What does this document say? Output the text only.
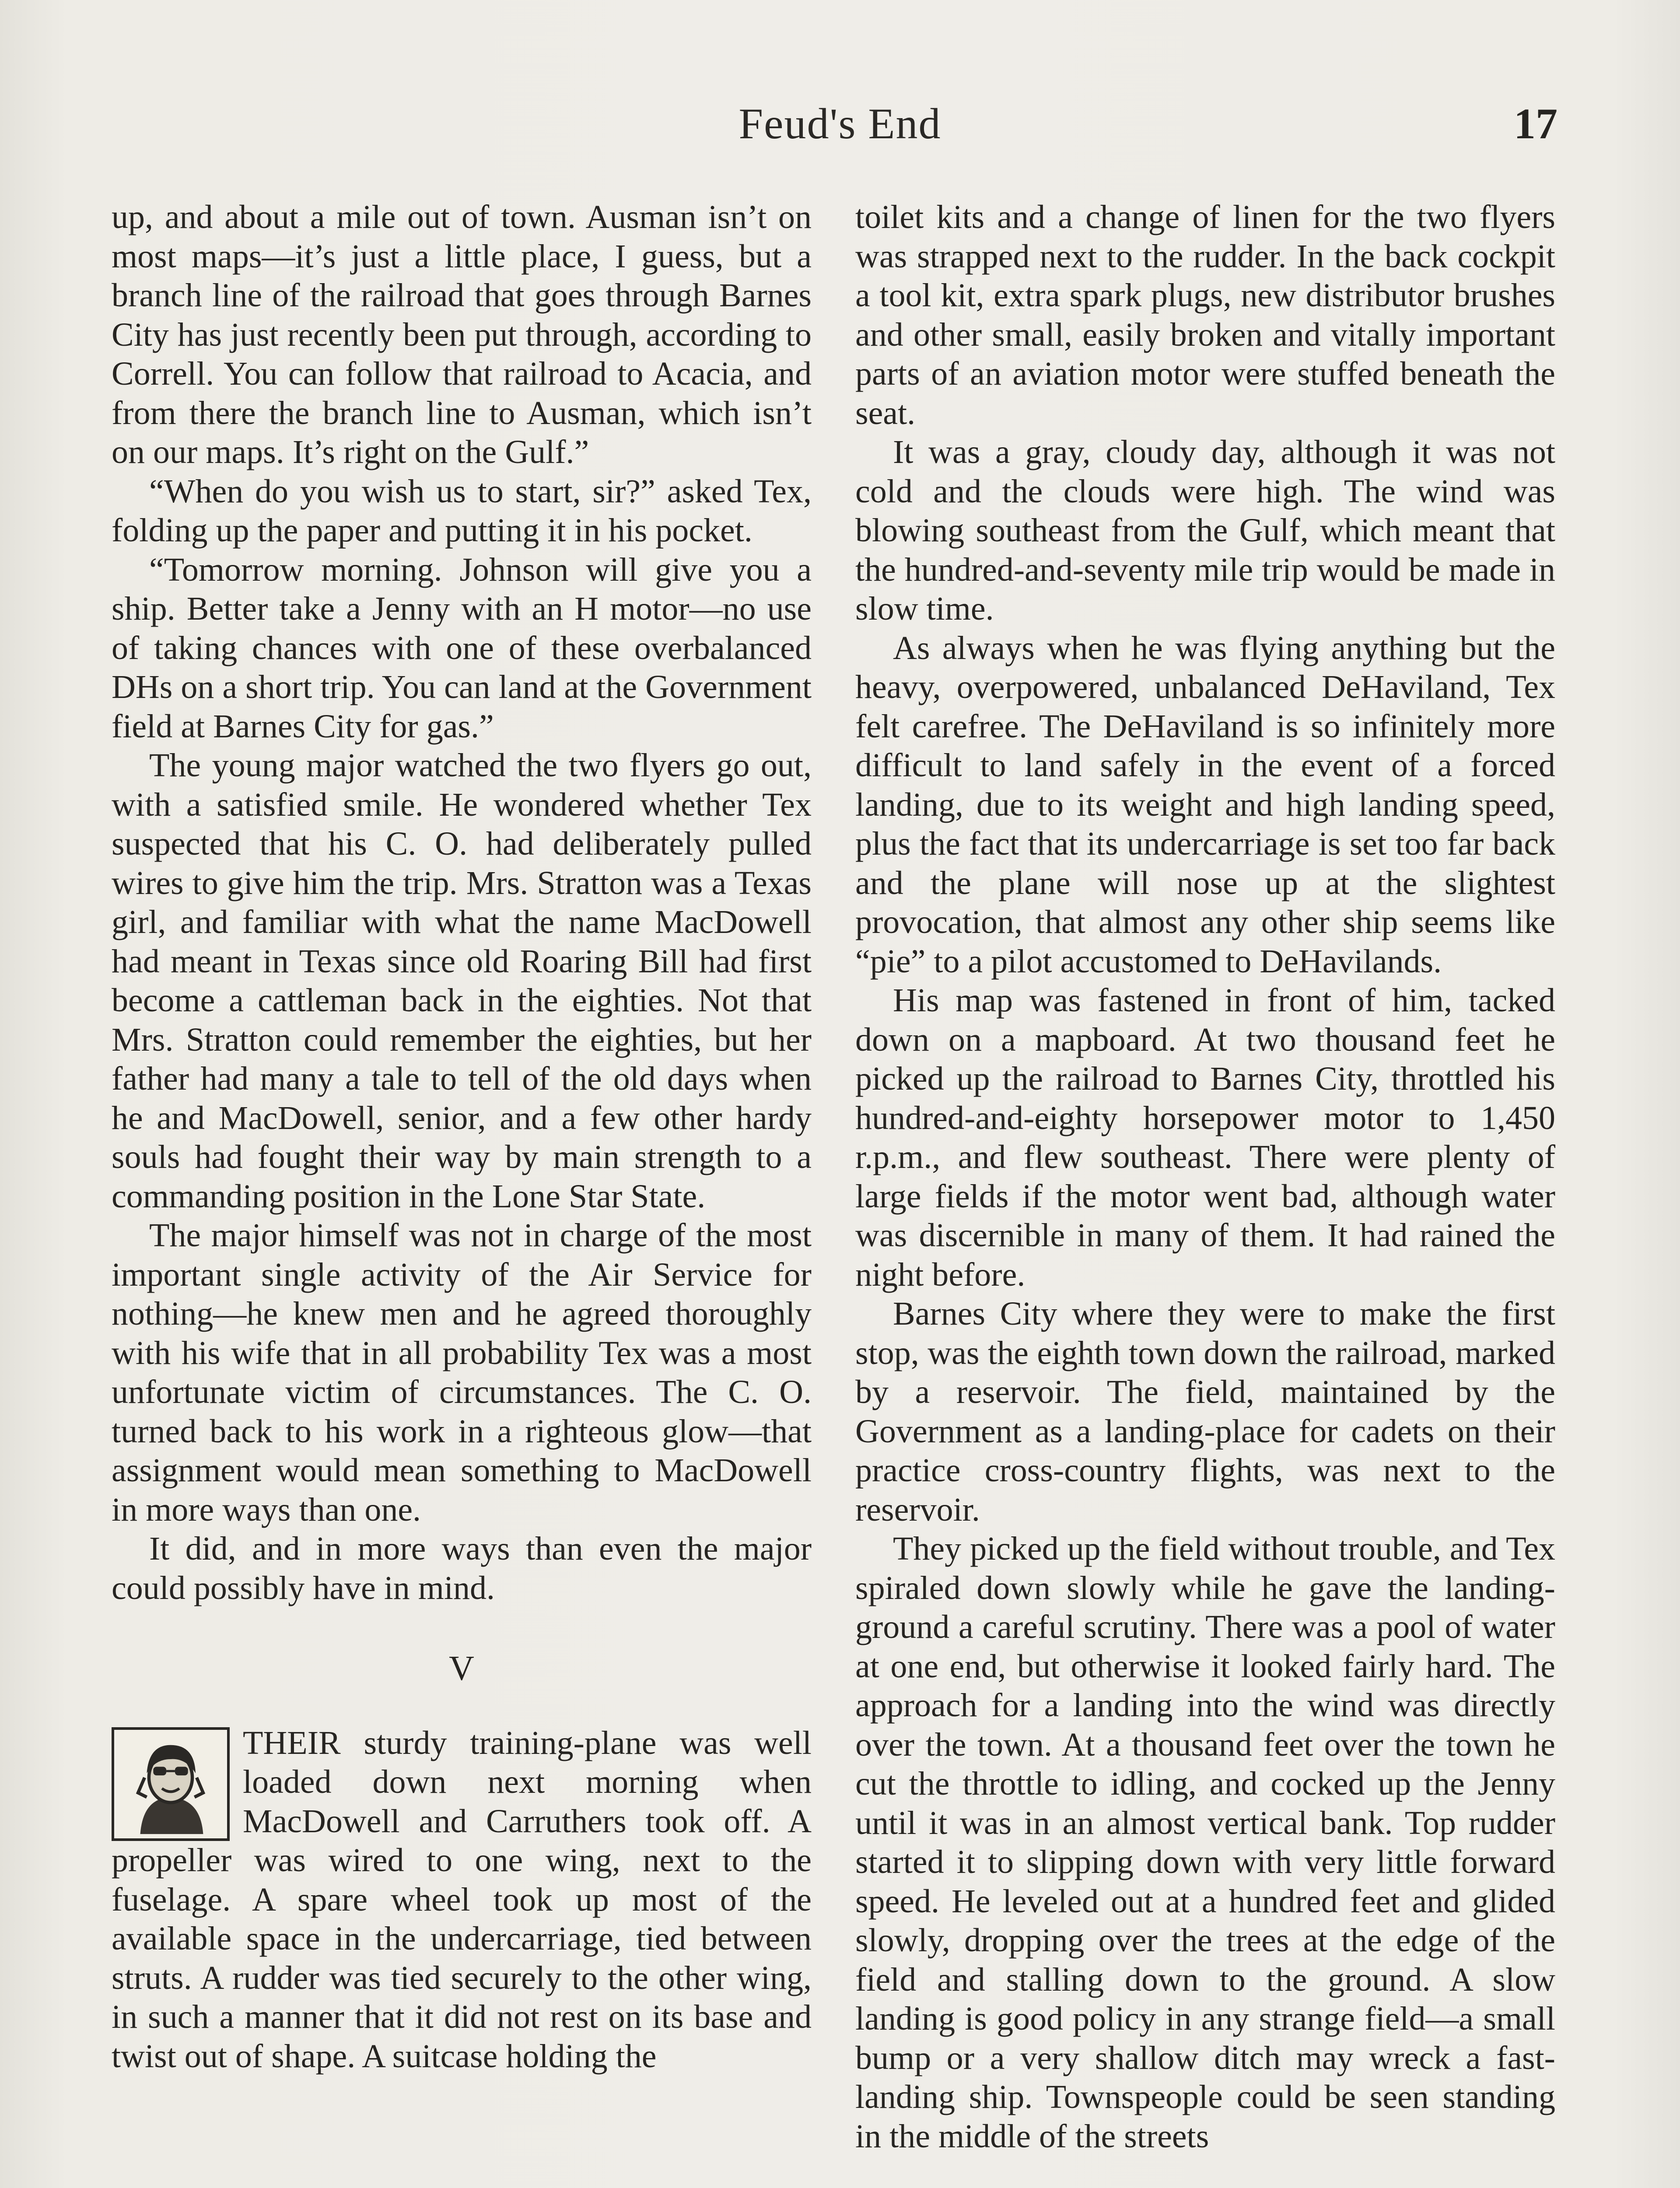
Feud's End	17

up, and about a mile out of town. Ausman isn’t on most maps—it’s just a little place, I guess, but a branch line of the railroad that goes through Barnes City has just recently been put through, according to Correll. You can follow that railroad to Acacia, and from there the branch line to Ausman, which isn’t on our maps. It’s right on the Gulf.”

“When do you wish us to start, sir?” asked Tex, folding up the paper and putting it in his pocket.

“Tomorrow morning. Johnson will give you a ship. Better take a Jenny with an H motor—no use of taking chances with one of these overbalanced DHs on a short trip. You can land at the Government field at Barnes City for gas.”

The young major watched the two flyers go out, with a satisfied smile. He wondered whether Tex suspected that his C. O. had deliberately pulled wires to give him the trip. Mrs. Stratton was a Texas girl, and familiar with what the name MacDowell had meant in Texas since old Roaring Bill had first become a cattleman back in the eighties. Not that Mrs. Stratton could remember the eighties, but her father had many a tale to tell of the old days when he and MacDowell, senior, and a few other hardy souls had fought their way by main strength to a commanding position in the Lone Star State.

The major himself was not in charge of the most important single activity of the Air Service for nothing—he knew men and he agreed thoroughly with his wife that in all probability Tex was a most unfortunate victim of circumstances. The C. O. turned back to his work in a righteous glow—that assignment would mean something to MacDowell in more ways than one.

It did, and in more ways than even the major could possibly have in mind.

V

THEIR sturdy training-plane was well loaded down next morning when MacDowell and Carruthers took off. A propeller was wired to one wing, next to the fuselage. A spare wheel took up most of the available space in the undercarriage, tied between struts. A rudder was tied securely to the other wing, in such a manner that it did not rest on its base and twist out of shape. A suitcase holding the

toilet kits and a change of linen for the two flyers was strapped next to the rudder. In the back cockpit a tool kit, extra spark plugs, new distributor brushes and other small, easily broken and vitally important parts of an aviation motor were stuffed beneath the seat.

It was a gray, cloudy day, although it was not cold and the clouds were high. The wind was blowing southeast from the Gulf, which meant that the hundred-and-seventy mile trip would be made in slow time.

As always when he was flying anything but the heavy, overpowered, unbalanced DeHaviland, Tex felt carefree. The DeHaviland is so infinitely more difficult to land safely in the event of a forced landing, due to its weight and high landing speed, plus the fact that its undercarriage is set too far back and the plane will nose up at the slightest provocation, that almost any other ship seems like “pie” to a pilot accustomed to DeHavilands.

His map was fastened in front of him, tacked down on a mapboard. At two thousand feet he picked up the railroad to Barnes City, throttled his hundred-and-eighty horsepower motor to 1,450 r.p.m., and flew southeast. There were plenty of large fields if the motor went bad, although water was discernible in many of them. It had rained the night before.

Barnes City where they were to make the first stop, was the eighth town down the railroad, marked by a reservoir. The field, maintained by the Government as a landing-place for cadets on their practice cross-country flights, was next to the reservoir.

They picked up the field without trouble, and Tex spiraled down slowly while he gave the landing-ground a careful scrutiny. There was a pool of water at one end, but otherwise it looked fairly hard. The approach for a landing into the wind was directly over the town. At a thousand feet over the town he cut the throttle to idling, and cocked up the Jenny until it was in an almost vertical bank. Top rudder started it to slipping down with very little forward speed. He leveled out at a hundred feet and glided slowly, dropping over the trees at the edge of the field and stalling down to the ground. A slow landing is good policy in any strange field—a small bump or a very shallow ditch may wreck a fast-landing ship. Townspeople could be seen standing in the middle of the streets
